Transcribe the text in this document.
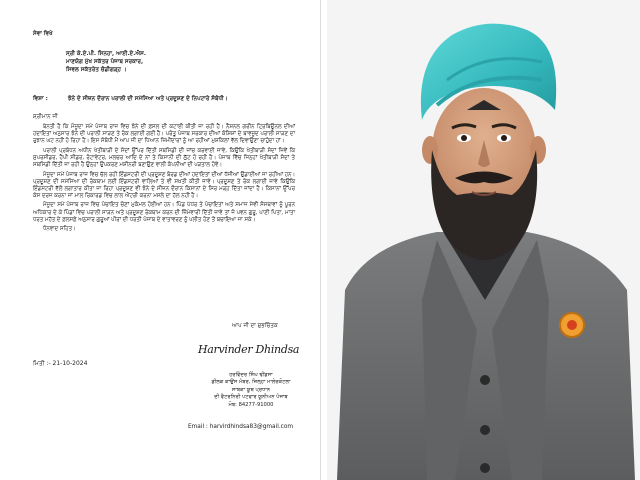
ਸੇਵਾ ਵਿਖੇ
ਸ੍ਰੀ ਕੇ.ਏ.ਪੀ. ਸਿਨਹਾ, ਆਈ.ਏ.ਐਸ.
ਮਾਣਯੋਗ ਮੁੱਖ ਸਕੱਤਰ ਪੰਜਾਬ ਸਰਕਾਰ,
ਸਿਵਲ ਸਕੱਤਰੇਤ ਚੰਡੀਗੜ੍ਹ ।
ਵਿਸ਼ਾ :	ਝੋਨੇ ਦੇ ਸੀਜ਼ਨ ਦੌਰਾਨ ਪਰਾਲੀ ਦੀ ਸਮੱਸਿਆ ਅਤੇ ਪ੍ਰਦੂਸ਼ਣ ਦੇ ਨਿਪਟਾਰੇ ਸੰਬੰਧੀ।
ਸ਼੍ਰੀਮਾਨ ਜੀ

ਬੇਨਤੀ ਹੈ ਕਿ ਮੌਜੂਦਾ ਸਮੇਂ ਪੰਜਾਬ ਰਾਜ ਵਿਚ ਝੋਨੇ ਦੀ ਫ਼ਸਲ ਦੀ ਕਟਾਈ ਕੀਤੀ ਜਾ ਰਹੀ ਹੈ। ਨੈਸ਼ਨਲ ਗਰੀਨ ਟ੍ਰਿਬਿਊਨਲ ਦੀਆਂ ਹਦਾਇਤਾਂ ਅਨੁਸਾਰ ਝੋਨੇ ਦੀ ਪਰਾਲੀ ਸਾੜਣ ਤੇ ਰੋਕ ਲਗਾਈ ਗਈ ਹੈ। ਪਰੰਤੂ ਪੰਜਾਬ ਸਰਕਾਰ ਦੀਆਂ ਕੋਸ਼ਿਸ਼ਾਂ ਦੇ ਬਾਵਜੂਦ ਪਰਾਲੀ ਸਾੜਣ ਦਾ ਰੁਝਾਨ ਘਟ ਨਹੀਂ ਹੋ ਰਿਹਾ ਹੈ। ਇਸ ਸੰਬੰਧੀ ਮੈਂ ਆਪ ਜੀ ਦਾ ਧਿਆਨ ਜ਼ਿਮੀਂਦਾਰਾਂ ਨੂੰ ਆ ਰਹੀਆਂ ਮੁਸ਼ਕਿਲਾਂ ਵੱਲ ਦਿਵਾਉਣਾ ਚਾਹੁੰਦਾ ਹਾਂ।

ਪਰਾਲੀ ਪ੍ਰਬੰਧਨ ਅਧੀਨ ਖੇਤੀਬਾੜੀ ਦੇ ਸੰਦਾਂ ਉੱਪਰ ਦਿੱਤੀ ਸਬਸਿਡੀ ਦੀ ਜਾਂਚ ਕਰਵਾਈ ਜਾਵੇ, ਕਿਉਂਕਿ ਖੇਤੀਬਾੜੀ ਸੰਦਾਂ ਜਿਵੇਂ ਕਿ ਸੁਪਰਸੀਡਰ, ਹੈਪੀ ਸੀਡਰ, ਰੋਟਾਵੇਟਰ, ਮਲਚਰ ਆਦਿ ਦੇ ਨਾਂ ਤੇ ਕਿਸਾਨੀ ਦੀ ਲੁੱਟ ਹੋ ਰਹੀ ਹੈ। ਪੰਜਾਬ ਵਿੱਚ ਜਿਨ੍ਹਾਂ ਖੇਤੀਬਾੜੀ ਸੰਦਾਂ ਤੇ ਸਬਸਿਡੀ ਦਿੱਤੀ ਜਾ ਰਹੀ ਹੈ ਉਨ੍ਹਾਂ ਉਪਕਰਣ ਮਸ਼ੀਨਰੀ ਬਣਾਉਣ ਵਾਲੀ ਕੰਪਨੀਆਂ ਦੀ ਪੜਤਾਲ ਹੋਵੇ।

ਮੌਜੂਦਾ ਸਮੇਂ ਪੰਜਾਬ ਰਾਜ ਵਿਚ ਚੱਲ ਰਹੀ ਇੰਡਸਟਰੀ ਦੀ ਪ੍ਰਦੂਸ਼ਣ ਬੋਰਡ ਦੀਆਂ ਹਦਾਇਤਾਂ ਦੀਆਂ ਧੱਜੀਆਂ ਉਡਾਈਆਂ ਜਾ ਰਹੀਆਂ ਹਨ। ਪ੍ਰਦੂਸ਼ਣ ਦੀ ਸਮੱਸਿਆ ਦੀ ਰੋਕਥਾਮ ਲਈ ਇੰਡਸਟਰੀ ਵਾਲਿਆਂ ਤੇ ਵੀ ਸਖ਼ਤੀ ਕੀਤੀ ਜਾਵੇ। ਪ੍ਰਦੂਸ਼ਣ ਤੇ ਰੋਕ ਲਗਾਈ ਜਾਵੇ ਕਿਉਂਕਿ ਇੰਡਸਟਰੀ ਵੱਲੋਂ ਲਗਾਤਾਰ ਕੀਤਾ ਜਾ ਰਿਹਾ ਪ੍ਰਦੂਸ਼ਣ ਵੀ ਝੋਨੇ ਦੇ ਸੀਜ਼ਨ ਦੌਰਾਨ ਕਿਸਾਨਾਂ ਦੇ ਸਿਰ ਮੜ੍ਹ ਦਿੱਤਾ ਜਾਂਦਾ ਹੈ। ਕਿਸਾਨਾਂ ਉੱਪਰ ਕੇਸ ਦਰਜ ਕਰਨਾ ਜਾਂ ਮਾਲ ਰਿਕਾਰਡ ਵਿਚ ਲਾਲ ਐਂਟਰੀ ਕਰਨਾ ਮਸਲੇ ਦਾ ਹੱਲ ਨਹੀਂ ਹੈ।

ਮੌਜੂਦਾ ਸਮੇਂ ਪੰਜਾਬ ਰਾਜ ਵਿਚ ਪੰਚਾਇਤ ਚੋਣਾਂ ਮੁਕੰਮਲ ਹੋਈਆਂ ਹਨ। ਪਿੰਡ ਪੱਧਰ ਤੇ ਪੰਚਾਇਤਾਂ ਅਤੇ ਸਮਾਜ ਸੇਵੀ ਸੰਸਥਾਵਾਂ ਨੂੰ ਪੂਰਨ ਅਧਿਕਾਰ ਦੇ ਕੇ ਪਿੰਡਾਂ ਵਿਚ ਪਰਾਲੀ ਸਾੜਨ ਅਤੇ ਪ੍ਰਦੂਸ਼ਣ ਰੋਕਥਾਮ ਕਰਨ ਦੀ ਜ਼ਿੰਮੇਵਾਰੀ ਦਿੱਤੀ ਜਾਵੇ ਤਾਂ ਜੋ ਪਵਨ ਗੁਰੂ, ਪਾਣੀ ਪਿਤਾ, ਮਾਤਾ ਧਰਤ ਮਹੱਤ ਦੇ ਫ਼ਲਸਫ਼ੇ ਅਨੁਸਾਰ ਗੁਰੂਆਂ ਪੀਰਾਂ ਦੀ ਧਰਤੀ ਪੰਜਾਬ ਦੇ ਵਾਤਾਵਰਣ ਨੂੰ ਪਲੀਤ ਹੋਣ ਤੋਂ ਬਚਾਇਆ ਜਾ ਸਕੇ।

ਧੰਨਵਾਦ ਸਹਿਤ।

ਆਪ ਜੀ ਦਾ ਸ਼ੁਭਚਿੰਤਕ
Harvinder Dhindsa
ਮਿਤੀ :- 21-10-2024
ਹਰਵਿੰਦਰ ਸਿੰਘ ਢੀਂਡਸਾ
ਡੀਲਕ ਕਾਉਂਸ ਮੰਬਰ, ਜ਼ਿਲ੍ਹਾ ਮਾਲੇਰਕੋਟਲਾ
ਸਾਬਕਾ ਯੂਥ ਪ੍ਰਧਾਨ
ਦੀ ਵੈਟਰਨਿਰੀ ਪਟਵਾਰ ਯੂਨੀਅਨ ਪੰਜਾਬ
ਮੋਬ: 84277-91000
Email : harvirdhindsa83@gmail.com
